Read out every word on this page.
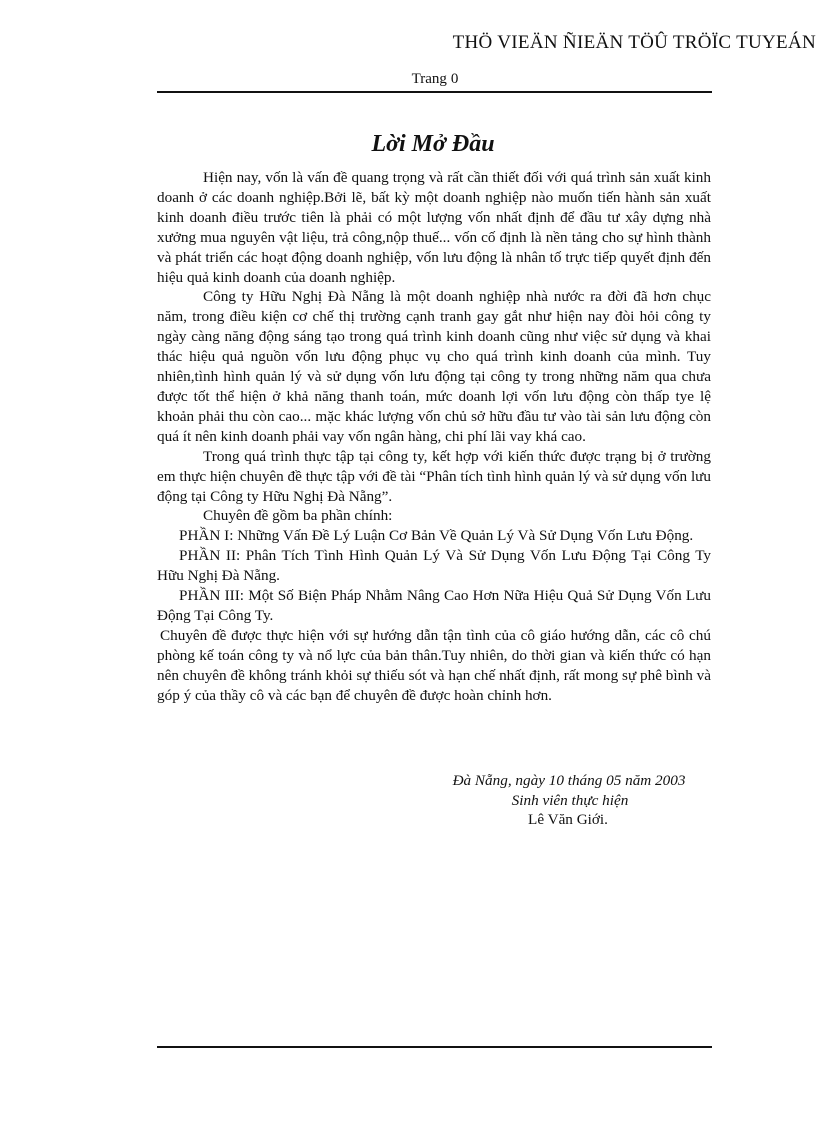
THÖ VIEÄN ÑIEÄN TÖÛ TRÖÏC TUYEÁN
Trang 0
Lời Mở Đầu

Hiện nay, vốn là vấn đề quang trọng và rất cần thiết đối với quá trình sản xuất kinh doanh ở các doanh nghiệp.Bởi lẽ, bất kỳ một doanh nghiệp nào muốn tiến hành sản xuất kinh doanh điều trước tiên là phải có một lượng vốn nhất định để đầu tư xây dựng nhà xưởng mua nguyên vật liệu, trả công,nộp thuế... vốn cố định là nền tảng cho sự hình thành và phát triển các hoạt động doanh nghiệp, vốn lưu động là nhân tố trực tiếp quyết định đến hiệu quả kinh doanh của doanh nghiệp.

Công ty Hữu Nghị Đà Nẵng là một doanh nghiệp nhà nước ra đời đã hơn chục năm, trong điều kiện cơ chế thị trường cạnh tranh gay gắt như hiện nay đòi hỏi công ty ngày càng năng động sáng tạo trong quá trình kinh doanh cũng như việc sử dụng và khai thác hiệu quả nguồn vốn lưu động phục vụ cho quá trình kinh doanh của mình. Tuy nhiên,tình hình quản lý và sử dụng vốn lưu động tại công ty trong những năm qua chưa được tốt thể hiện ở khả năng thanh toán, mức doanh lợi vốn lưu động còn thấp tye lệ khoản phải thu còn cao... mặc khác lượng vốn chủ sở hữu đầu tư vào tài sản lưu động còn quá ít nên kinh doanh phải vay vốn ngân hàng, chi phí lãi vay khá cao.

Trong quá trình thực tập tại công ty, kết hợp với kiến thức được trạng bị ở trường em thực hiện chuyên đề thực tập với đề tài “Phân tích tình hình quản lý và sử dụng vốn lưu động tại Công ty Hữu Nghị Đà Nẵng”.

Chuyên đề gồm ba phần chính:

PHẦN I: Những Vấn Đề Lý Luận Cơ Bản Về Quản Lý Và Sử Dụng Vốn Lưu Động.

PHẦN II: Phân Tích Tình Hình Quản Lý Và Sử Dụng Vốn Lưu Động Tại Công Ty Hữu Nghị Đà Nẵng.

PHẦN III: Một Số Biện Pháp Nhằm Nâng Cao Hơn Nữa Hiệu Quả Sử Dụng Vốn Lưu Động Tại Công Ty.

Chuyên đề được thực hiện với sự hướng dẫn tận tình của cô giáo hướng dẫn, các cô chú phòng kế toán công ty và nổ lực của bản thân.Tuy nhiên, do thời gian và kiến thức có hạn nên chuyên đề không tránh khỏi sự thiếu sót và hạn chế nhất định, rất mong sự phê bình và góp ý của thầy cô và các bạn để chuyên đề được hoàn chỉnh hơn.

Đà Nẵng, ngày 10 tháng 05 năm 2003
Sinh viên thực hiện
Lê Văn Giới.
